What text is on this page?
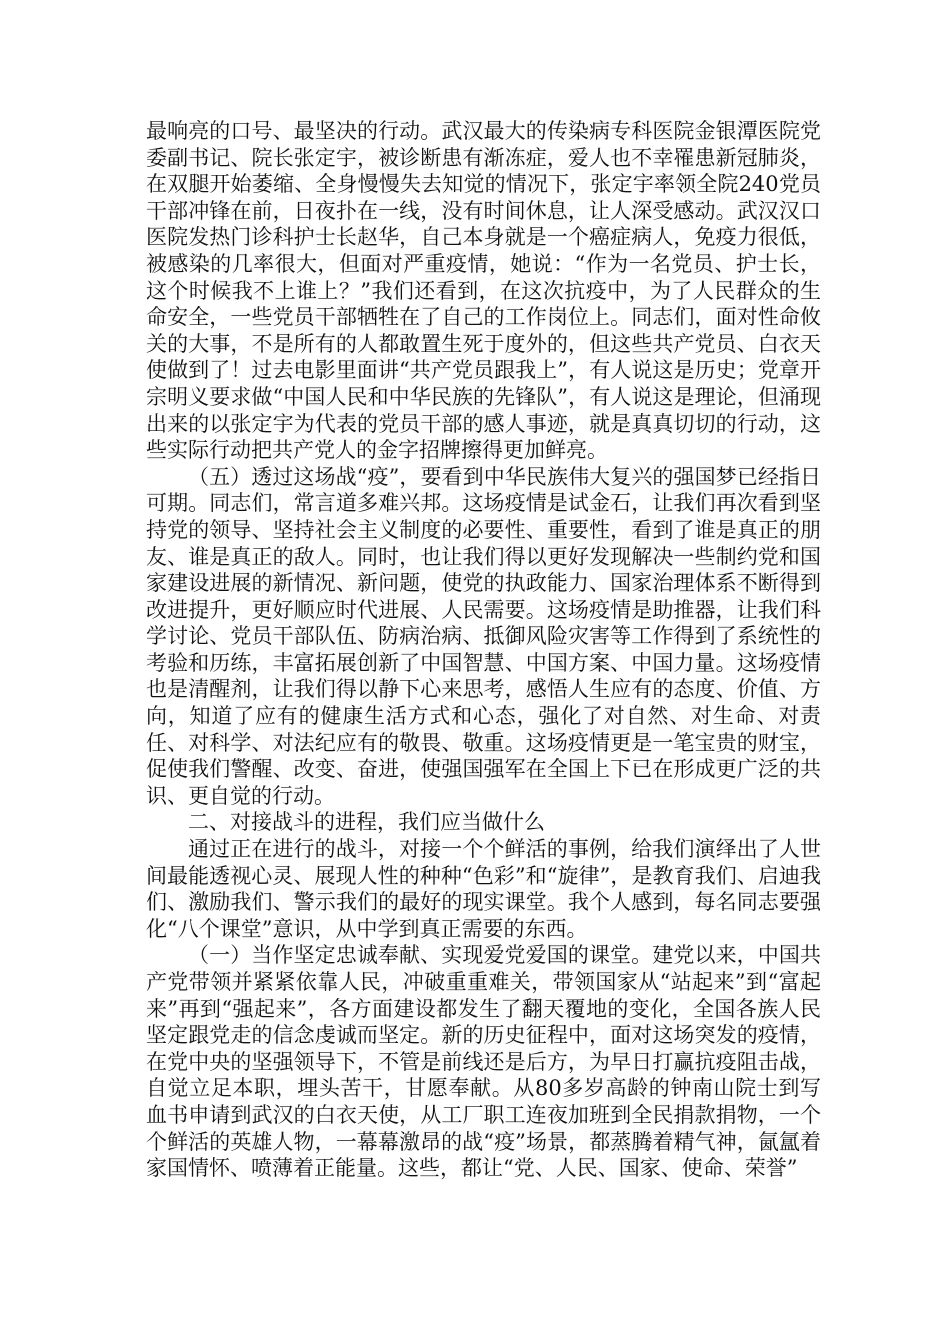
最响亮的口号、最坚决的行动。武汉最大的传染病专科医院金银潭医院党委副书记、院长张定宇，被诊断患有渐冻症，爱人也不幸罹患新冠肺炎，在双腿开始萎缩、全身慢慢失去知觉的情况下，张定宇率领全院240党员干部冲锋在前，日夜扑在一线，没有时间休息，让人深受感动。武汉汉口医院发热门诊科护士长赵华，自己本身就是一个癌症病人，免疫力很低，被感染的几率很大，但面对严重疫情，她说：“作为一名党员、护士长，这个时候我不上谁上？”我们还看到，在这次抗疫中，为了人民群众的生命安全，一些党员干部牺牲在了自己的工作岗位上。同志们，面对性命攸关的大事，不是所有的人都敢置生死于度外的，但这些共产党员、白衣天使做到了！过去电影里面讲“共产党员跟我上”，有人说这是历史；党章开宗明义要求做“中国人民和中华民族的先锋队”，有人说这是理论，但涌现出来的以张定宇为代表的党员干部的感人事迹，就是真真切切的行动，这些实际行动把共产党人的金字招牌擦得更加鲜亮。

（五）透过这场战“疫”，要看到中华民族伟大复兴的强国梦已经指日可期。同志们，常言道多难兴邦。这场疫情是试金石，让我们再次看到坚持党的领导、坚持社会主义制度的必要性、重要性，看到了谁是真正的朋友、谁是真正的敌人。同时，也让我们得以更好发现解决一些制约党和国家建设进展的新情况、新问题，使党的执政能力、国家治理体系不断得到改进提升，更好顺应时代进展、人民需要。这场疫情是助推器，让我们科学讨论、党员干部队伍、防病治病、抵御风险灾害等工作得到了系统性的考验和历练，丰富拓展创新了中国智慧、中国方案、中国力量。这场疫情也是清醒剂，让我们得以静下心来思考，感悟人生应有的态度、价值、方向，知道了应有的健康生活方式和心态，强化了对自然、对生命、对责任、对科学、对法纪应有的敬畏、敬重。这场疫情更是一笔宝贵的财宝，促使我们警醒、改变、奋进，使强国强军在全国上下已在形成更广泛的共识、更自觉的行动。

二、对接战斗的进程，我们应当做什么

通过正在进行的战斗，对接一个个鲜活的事例，给我们演绎出了人世间最能透视心灵、展现人性的种种“色彩”和“旋律”，是教育我们、启迪我们、激励我们、警示我们的最好的现实课堂。我个人感到，每名同志要强化“八个课堂”意识，从中学到真正需要的东西。

（一）当作坚定忠诚奉献、实现爱党爱国的课堂。建党以来，中国共产党带领并紧紧依靠人民，冲破重重难关，带领国家从“站起来”到“富起来”再到“强起来”，各方面建设都发生了翻天覆地的变化，全国各族人民坚定跟党走的信念虔诚而坚定。新的历史征程中，面对这场突发的疫情，在党中央的坚强领导下，不管是前线还是后方，为早日打赢抗疫阻击战，自觉立足本职，埋头苦干，甘愿奉献。从80多岁高龄的钟南山院士到写血书申请到武汉的白衣天使，从工厂职工连夜加班到全民捐款捐物，一个个鲜活的英雄人物，一幕幕激昂的战“疫”场景，都蒸腾着精气神，氤氲着家国情怀、喷薄着正能量。这些，都让“党、人民、国家、使命、荣誉”
